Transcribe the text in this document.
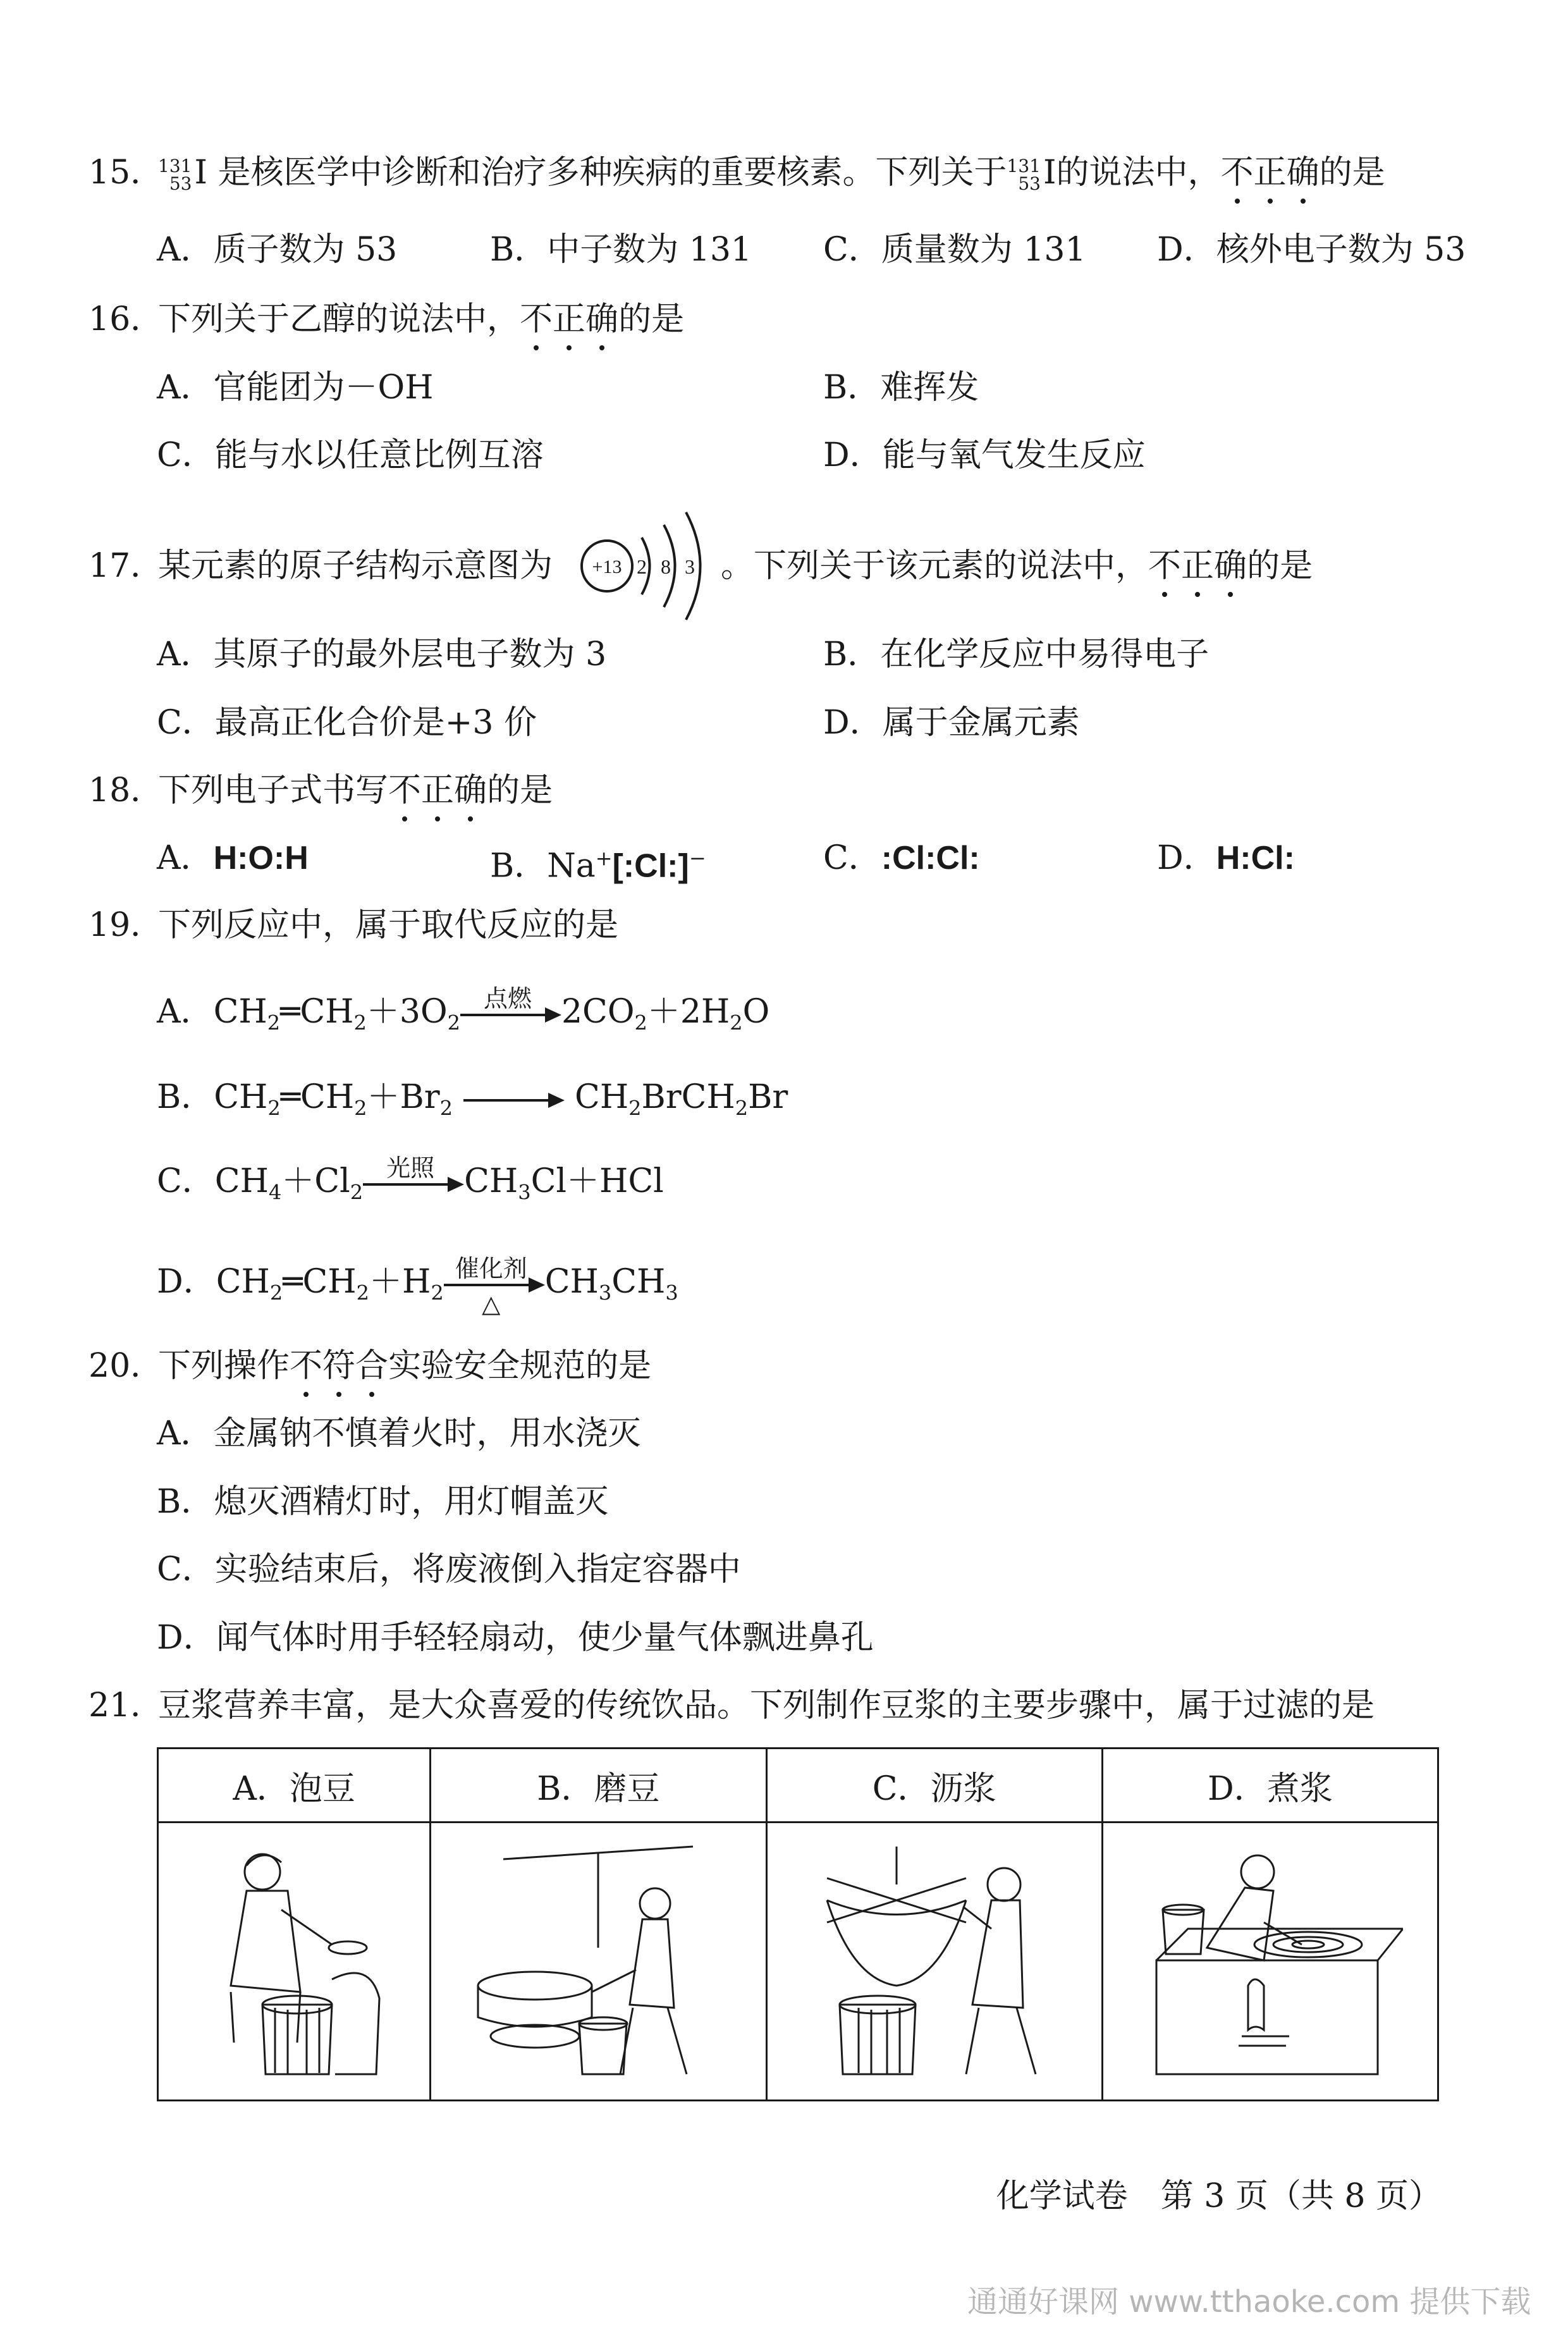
15．
131
53 I 是核医学中诊断和治疗多种疾病的重要核素。下列关于 131
53 I的说法中，不正确的是
A．质子数为 53	B．中子数为 131 C．质量数为 131 D．核外电子数为 53
16．下列关于乙醇的说法中，不正确的是
A．官能团为－OH	B．难挥发
C．能与水以任意比例互溶	D．能与氧气发生反应
17．某元素的原子结构示意图为 +13 2 8 3 。下列关于该元素的说法中，不正确的是
A．其原子的最外层电子数为 3	B．在化学反应中易得电子
C．最高正化合价是+3 价	D．属于金属元素
18．下列电子式书写不正确的是
A．H:O:H	B．Na+[:Cl:]−	C．:Cl:Cl:	D．H:Cl:
19．下列反应中，属于取代反应的是
A．$CH_2═CH_2+3O_2$
点燃 $2CO_2+2H_2O$
B．$CH_2═CH_2+Br_2$	$CH_2BrCH_2Br$
C．$CH_4+Cl_2$
光照 $CH_3Cl+HCl$
D．$CH_2═CH_2+H_2$
催化剂
△
$CH_3CH_3$
20．下列操作不符合实验安全规范的是
A．金属钠不慎着火时，用水浇灭
B．熄灭酒精灯时，用灯帽盖灭
C．实验结束后，将废液倒入指定容器中
D．闻气体时用手轻轻扇动，使少量气体飘进鼻孔
21．豆浆营养丰富，是大众喜爱的传统饮品。下列制作豆浆的主要步骤中，属于过滤的是
A．泡豆	B．磨豆	C．沥浆	D．煮浆

化学试卷　第 3 页（共 8 页）
通通好课网 www.tthaoke.com 提供下载
